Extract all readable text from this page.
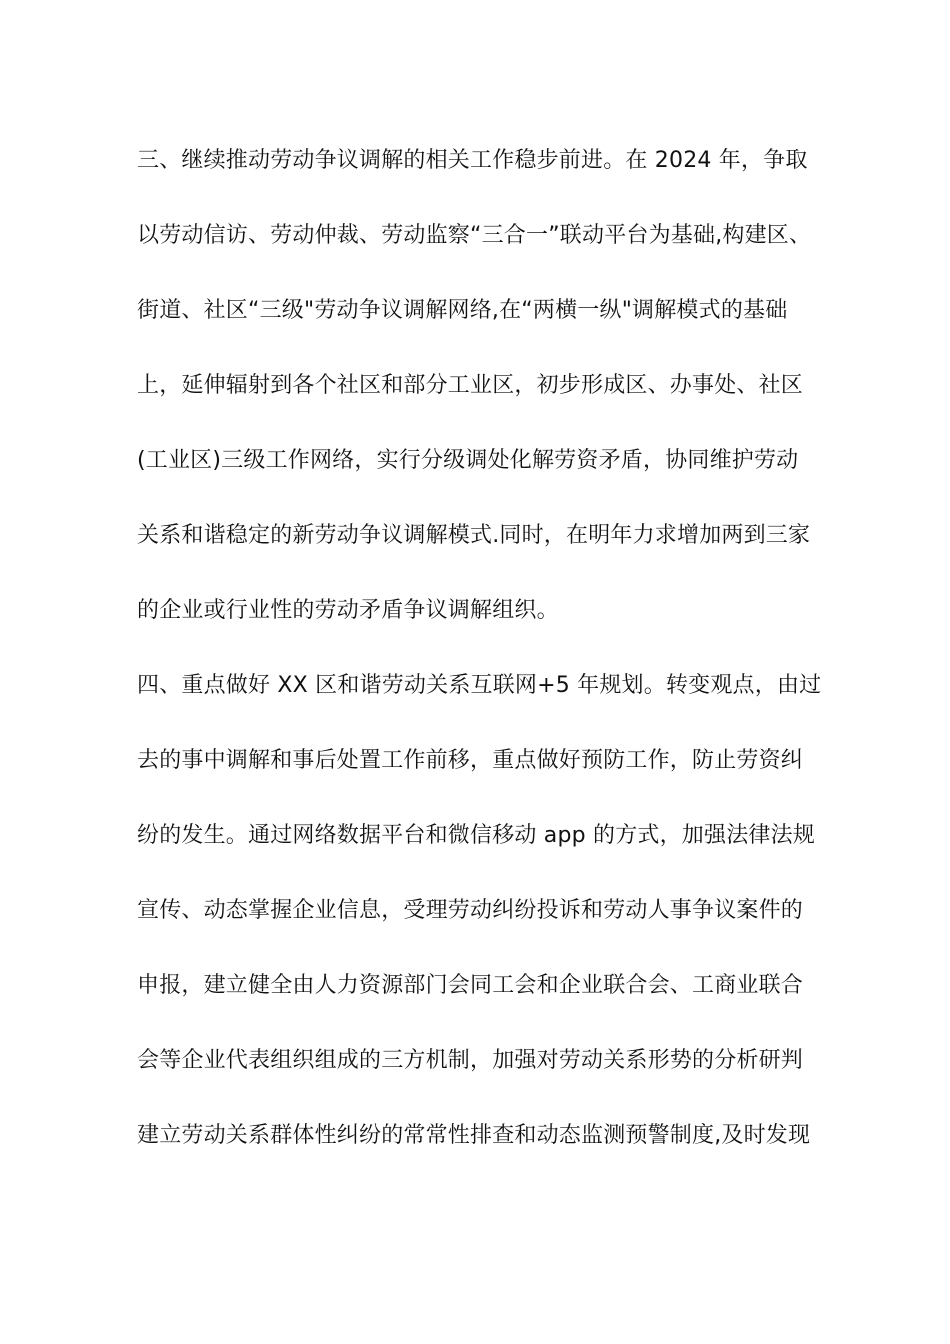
三、继续推动劳动争议调解的相关工作稳步前进。在 2024 年，争取
以劳动信访、劳动仲裁、劳动监察“三合一”联动平台为基础,构建区、
街道、社区“三级"劳动争议调解网络,在“两横一纵"调解模式的基础
上，延伸辐射到各个社区和部分工业区，初步形成区、办事处、社区
(工业区)三级工作网络，实行分级调处化解劳资矛盾，协同维护劳动
关系和谐稳定的新劳动争议调解模式.同时，在明年力求增加两到三家
的企业或行业性的劳动矛盾争议调解组织。
四、重点做好 XX 区和谐劳动关系互联网+5 年规划。转变观点，由过
去的事中调解和事后处置工作前移，重点做好预防工作，防止劳资纠
纷的发生。通过网络数据平台和微信移动 app 的方式，加强法律法规
宣传、动态掌握企业信息，受理劳动纠纷投诉和劳动人事争议案件的
申报，建立健全由人力资源部门会同工会和企业联合会、工商业联合
会等企业代表组织组成的三方机制，加强对劳动关系形势的分析研判
建立劳动关系群体性纠纷的常常性排查和动态监测预警制度,及时发现
